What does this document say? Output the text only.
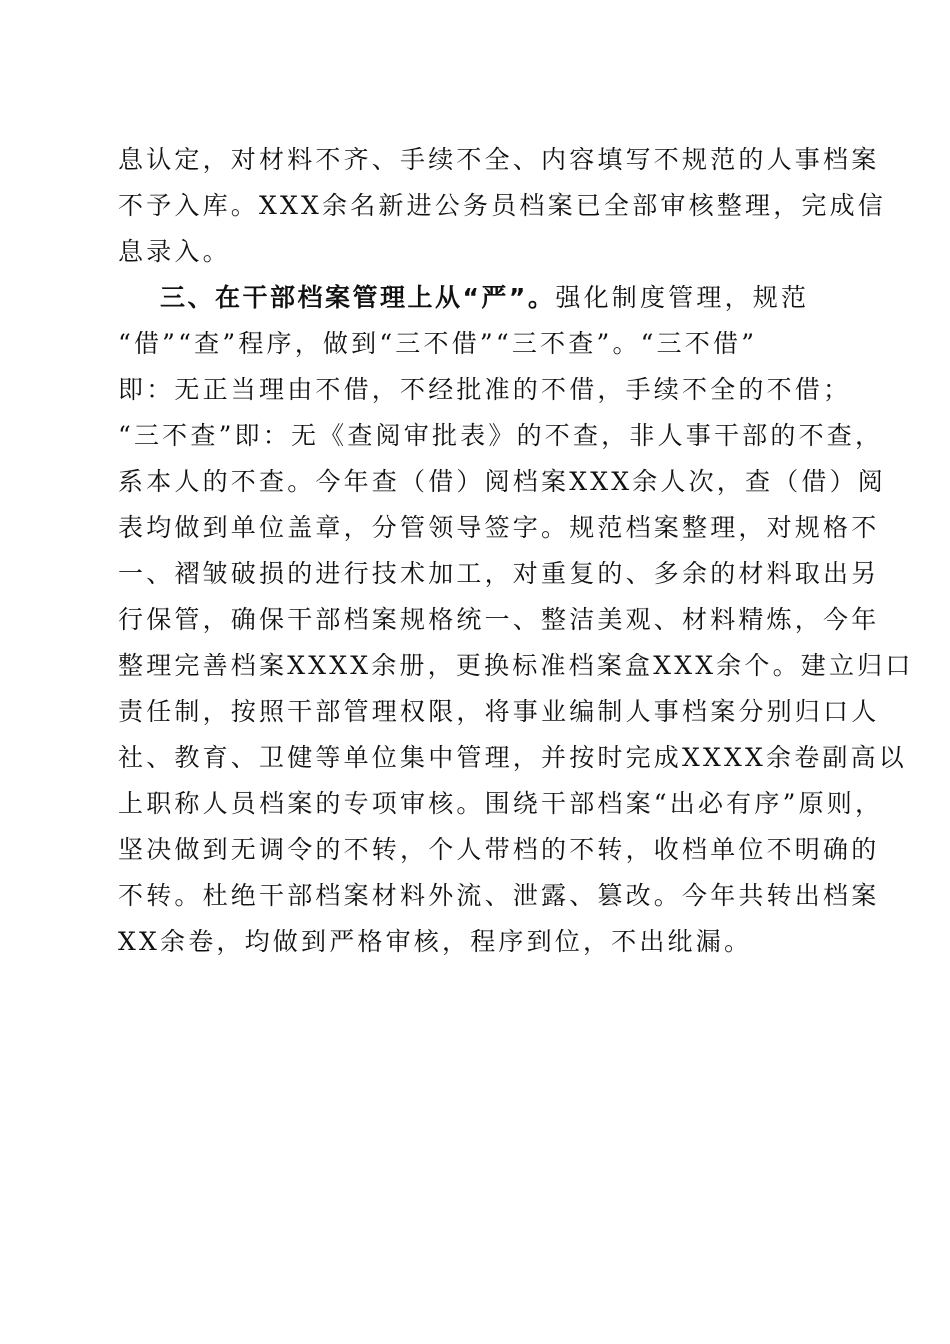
息认定，对材料不齐、手续不全、内容填写不规范的人事档案
不予入库。XXX余名新进公务员档案已全部审核整理，完成信
息录入。
三、在干部档案管理上从“严”。强化制度管理，规范
“借”“查”程序，做到“三不借”“三不查”。“三不借”
即：无正当理由不借，不经批准的不借，手续不全的不借；
“三不查”即：无《查阅审批表》的不查，非人事干部的不查，
系本人的不查。今年查（借）阅档案XXX余人次，查（借）阅
表均做到单位盖章，分管领导签字。规范档案整理，对规格不
一、褶皱破损的进行技术加工，对重复的、多余的材料取出另
行保管，确保干部档案规格统一、整洁美观、材料精炼，今年
整理完善档案XXXX余册，更换标准档案盒XXX余个。建立归口
责任制，按照干部管理权限，将事业编制人事档案分别归口人
社、教育、卫健等单位集中管理，并按时完成XXXX余卷副高以
上职称人员档案的专项审核。围绕干部档案“出必有序”原则，
坚决做到无调令的不转，个人带档的不转，收档单位不明确的
不转。杜绝干部档案材料外流、泄露、篡改。今年共转出档案
XX余卷，均做到严格审核，程序到位，不出纰漏。
